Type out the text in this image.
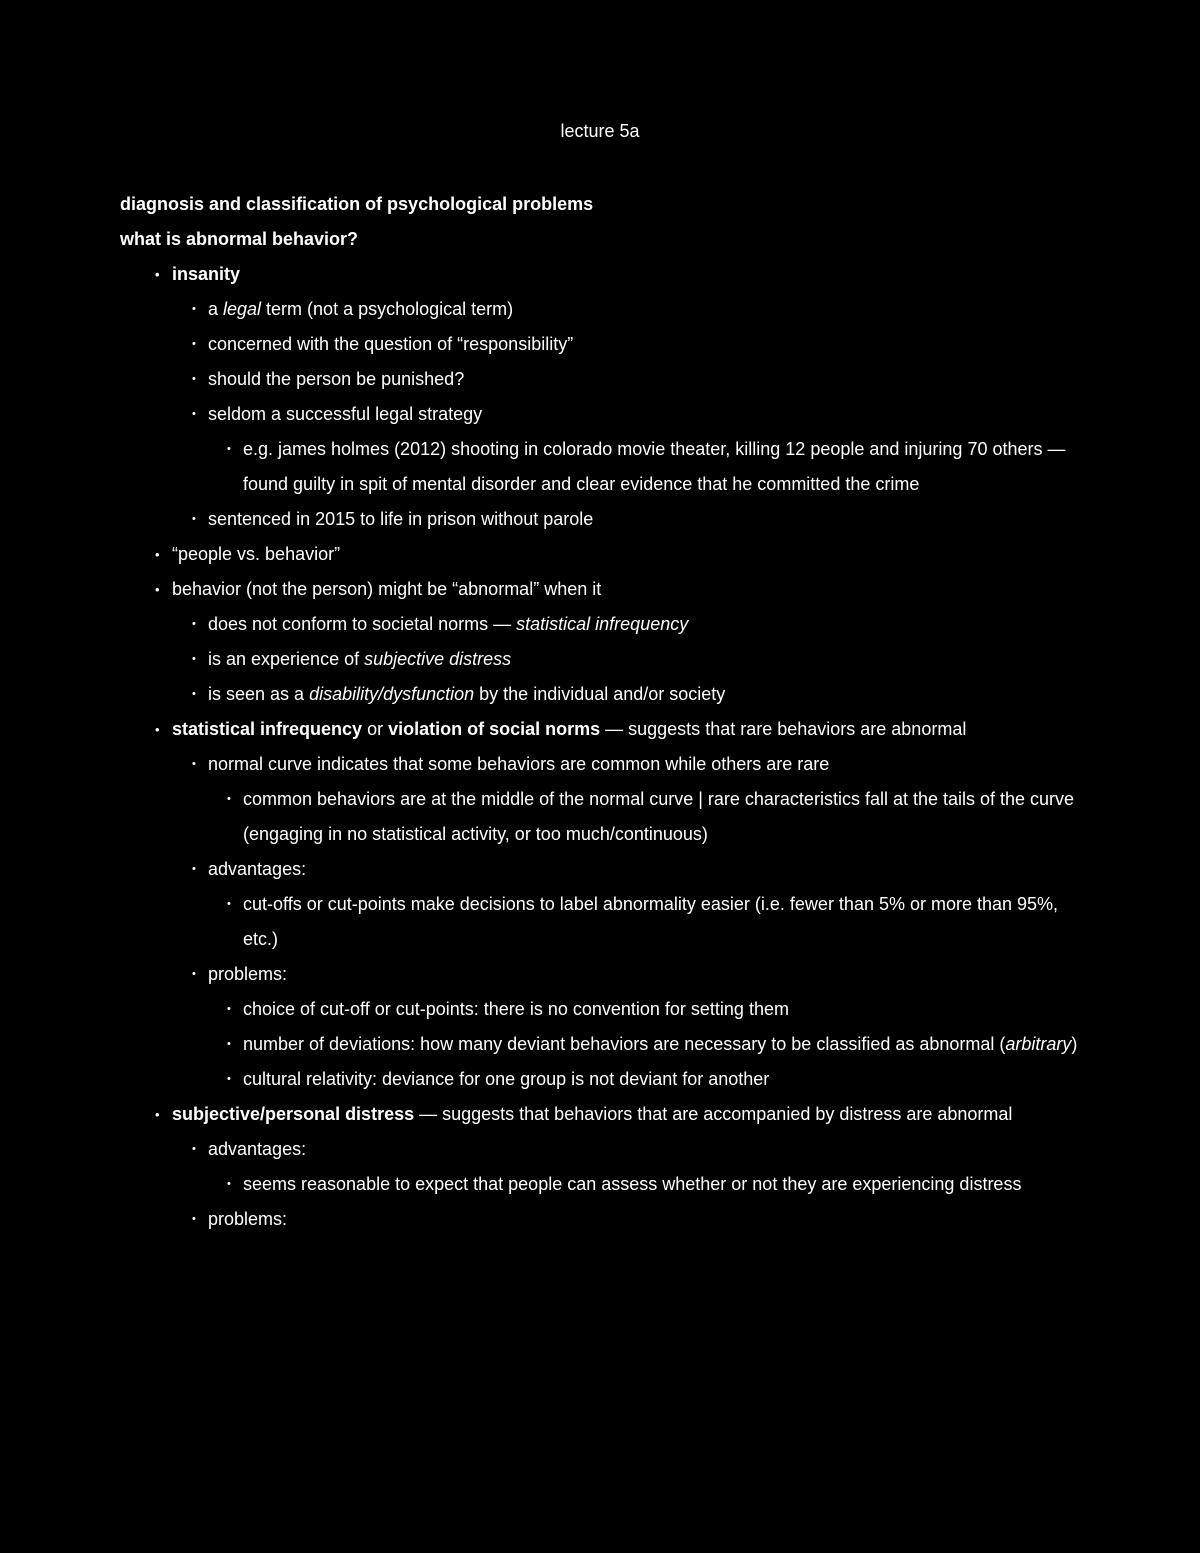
lecture 5a
diagnosis and classification of psychological problems
what is abnormal behavior?
• insanity
• a legal term (not a psychological term)
• concerned with the question of “responsibility”
• should the person be punished?
• seldom a successful legal strategy
• e.g. james holmes (2012) shooting in colorado movie theater, killing 12 people and injuring 70 others — found guilty in spit of mental disorder and clear evidence that he committed the crime
• sentenced in 2015 to life in prison without parole
• “people vs. behavior”
• behavior (not the person) might be “abnormal” when it
• does not conform to societal norms — statistical infrequency
• is an experience of subjective distress
• is seen as a disability/dysfunction by the individual and/or society
• statistical infrequency or violation of social norms — suggests that rare behaviors are abnormal
• normal curve indicates that some behaviors are common while others are rare
• common behaviors are at the middle of the normal curve | rare characteristics fall at the tails of the curve (engaging in no statistical activity, or too much/continuous)
• advantages:
• cut-offs or cut-points make decisions to label abnormality easier (i.e. fewer than 5% or more than 95%, etc.)
• problems:
• choice of cut-off or cut-points: there is no convention for setting them
• number of deviations: how many deviant behaviors are necessary to be classified as abnormal (arbitrary)
• cultural relativity: deviance for one group is not deviant for another
• subjective/personal distress — suggests that behaviors that are accompanied by distress are abnormal
• advantages:
• seems reasonable to expect that people can assess whether or not they are experiencing distress
• problems:
